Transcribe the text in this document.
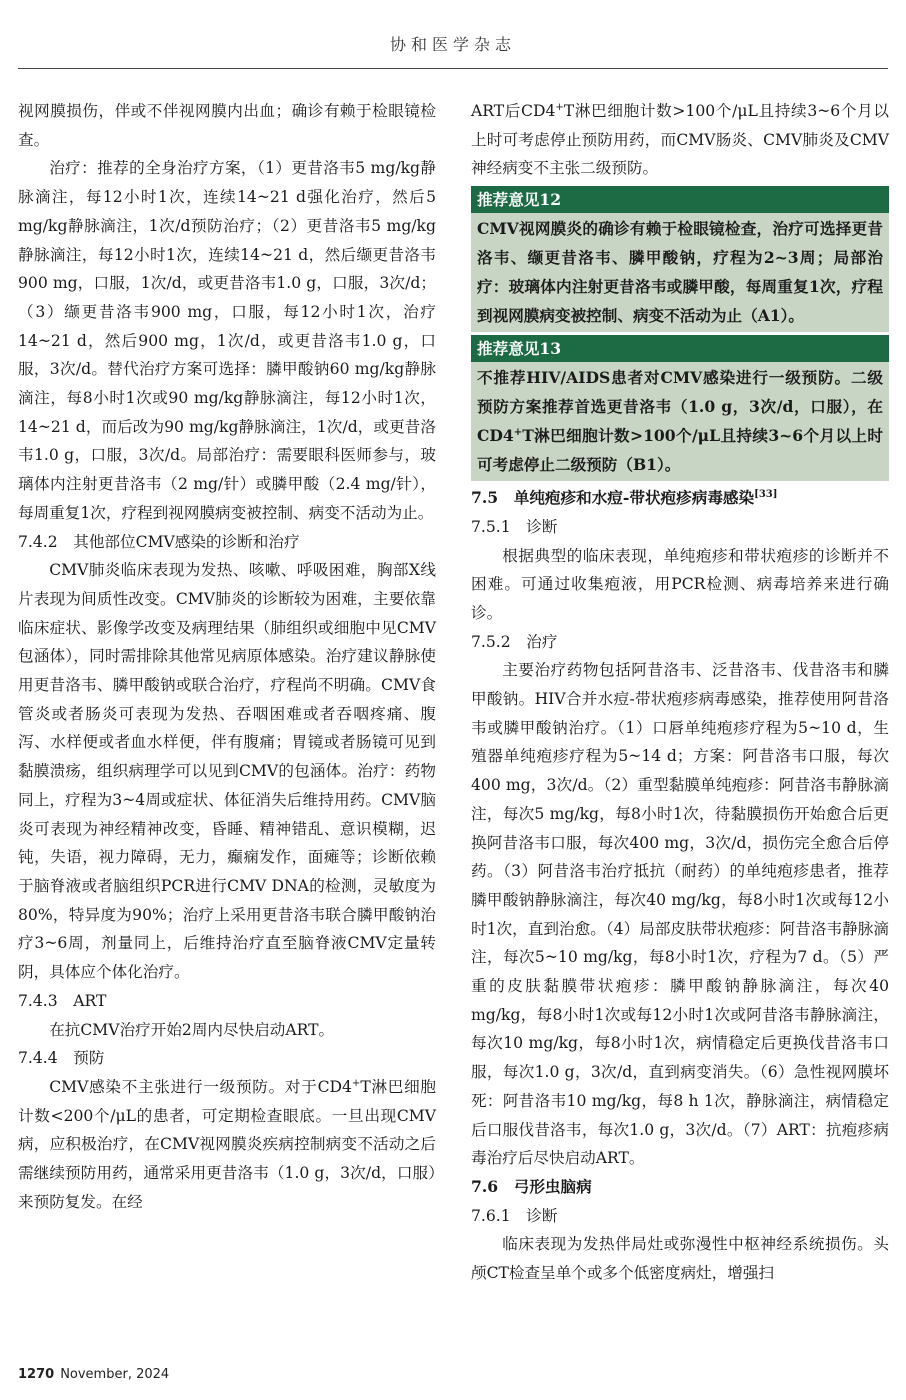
协和医学杂志

视网膜损伤，伴或不伴视网膜内出血；确诊有赖于检眼镜检查。

治疗：推荐的全身治疗方案，（1）更昔洛韦5 mg/kg静脉滴注，每12小时1次，连续14~21 d强化治疗，然后5 mg/kg静脉滴注，1次/d预防治疗；（2）更昔洛韦5 mg/kg静脉滴注，每12小时1次，连续14~21 d，然后缬更昔洛韦900 mg，口服，1次/d，或更昔洛韦1.0 g，口服，3次/d；（3）缬更昔洛韦900 mg，口服，每12小时1次，治疗14~21 d，然后900 mg，1次/d，或更昔洛韦1.0 g，口服，3次/d。替代治疗方案可选择：膦甲酸钠60 mg/kg静脉滴注，每8小时1次或90 mg/kg静脉滴注，每12小时1次，14~21 d，而后改为90 mg/kg静脉滴注，1次/d，或更昔洛韦1.0 g，口服，3次/d。局部治疗：需要眼科医师参与，玻璃体内注射更昔洛韦（2 mg/针）或膦甲酸（2.4 mg/针），每周重复1次，疗程到视网膜病变被控制、病变不活动为止。

7.4.2　其他部位CMV感染的诊断和治疗

CMV肺炎临床表现为发热、咳嗽、呼吸困难，胸部X线片表现为间质性改变。CMV肺炎的诊断较为困难，主要依靠临床症状、影像学改变及病理结果（肺组织或细胞中见CMV包涵体），同时需排除其他常见病原体感染。治疗建议静脉使用更昔洛韦、膦甲酸钠或联合治疗，疗程尚不明确。CMV食管炎或者肠炎可表现为发热、吞咽困难或者吞咽疼痛、腹泻、水样便或者血水样便，伴有腹痛；胃镜或者肠镜可见到黏膜溃疡，组织病理学可以见到CMV的包涵体。治疗：药物同上，疗程为3~4周或症状、体征消失后维持用药。CMV脑炎可表现为神经精神改变，昏睡、精神错乱、意识模糊，迟钝，失语，视力障碍，无力，癫痫发作，面瘫等；诊断依赖于脑脊液或者脑组织PCR进行CMV DNA的检测，灵敏度为80%，特异度为90%；治疗上采用更昔洛韦联合膦甲酸钠治疗3~6周，剂量同上，后维持治疗直至脑脊液CMV定量转阴，具体应个体化治疗。

7.4.3　ART

在抗CMV治疗开始2周内尽快启动ART。

7.4.4　预防

CMV感染不主张进行一级预防。对于CD4+T淋巴细胞计数<200个/μL的患者，可定期检查眼底。一旦出现CMV病，应积极治疗，在CMV视网膜炎疾病控制病变不活动之后需继续预防用药，通常采用更昔洛韦（1.0 g，3次/d，口服）来预防复发。在经

ART后CD4+T淋巴细胞计数>100个/μL且持续3~6个月以上时可考虑停止预防用药，而CMV肠炎、CMV肺炎及CMV神经病变不主张二级预防。

推荐意见12
CMV视网膜炎的确诊有赖于检眼镜检查，治疗可选择更昔洛韦、缬更昔洛韦、膦甲酸钠，疗程为2~3周；局部治疗：玻璃体内注射更昔洛韦或膦甲酸，每周重复1次，疗程到视网膜病变被控制、病变不活动为止（A1）。
推荐意见13
不推荐HIV/AIDS患者对CMV感染进行一级预防。二级预防方案推荐首选更昔洛韦（1.0 g，3次/d，口服），在CD4+T淋巴细胞计数>100个/μL且持续3~6个月以上时可考虑停止二级预防（B1）。

7.5　单纯疱疹和水痘-带状疱疹病毒感染[33]

7.5.1　诊断

根据典型的临床表现，单纯疱疹和带状疱疹的诊断并不困难。可通过收集疱液，用PCR检测、病毒培养来进行确诊。

7.5.2　治疗

主要治疗药物包括阿昔洛韦、泛昔洛韦、伐昔洛韦和膦甲酸钠。HIV合并水痘-带状疱疹病毒感染，推荐使用阿昔洛韦或膦甲酸钠治疗。（1）口唇单纯疱疹疗程为5~10 d，生殖器单纯疱疹疗程为5~14 d；方案：阿昔洛韦口服，每次400 mg，3次/d。（2）重型黏膜单纯疱疹：阿昔洛韦静脉滴注，每次5 mg/kg，每8小时1次，待黏膜损伤开始愈合后更换阿昔洛韦口服，每次400 mg，3次/d，损伤完全愈合后停药。（3）阿昔洛韦治疗抵抗（耐药）的单纯疱疹患者，推荐膦甲酸钠静脉滴注，每次40 mg/kg，每8小时1次或每12小时1次，直到治愈。（4）局部皮肤带状疱疹：阿昔洛韦静脉滴注，每次5~10 mg/kg，每8小时1次，疗程为7 d。（5）严重的皮肤黏膜带状疱疹：膦甲酸钠静脉滴注，每次40 mg/kg，每8小时1次或每12小时1次或阿昔洛韦静脉滴注，每次10 mg/kg，每8小时1次，病情稳定后更换伐昔洛韦口服，每次1.0 g，3次/d，直到病变消失。（6）急性视网膜坏死：阿昔洛韦10 mg/kg，每8 h 1次，静脉滴注，病情稳定后口服伐昔洛韦，每次1.0 g，3次/d。（7）ART：抗疱疹病毒治疗后尽快启动ART。

7.6　弓形虫脑病

7.6.1　诊断

临床表现为发热伴局灶或弥漫性中枢神经系统损伤。头颅CT检查呈单个或多个低密度病灶，增强扫

1270 November, 2024
